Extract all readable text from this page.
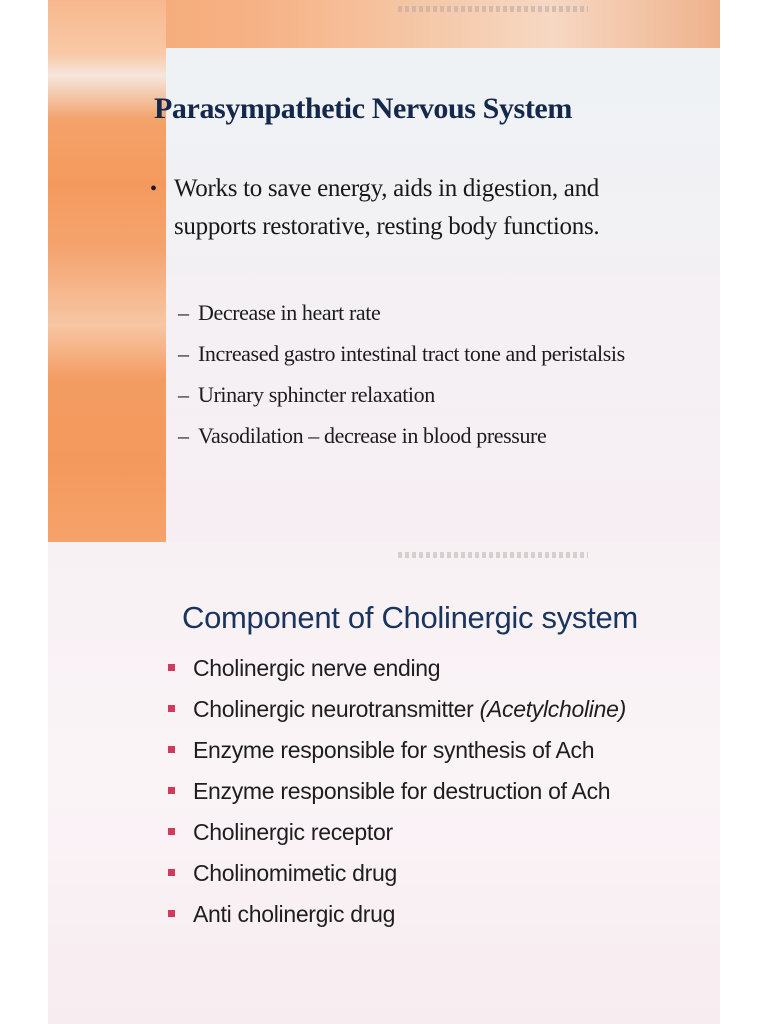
Parasympathetic Nervous System
• Works to save energy, aids in digestion, and supports restorative, resting body functions.
– Decrease in heart rate
– Increased gastro intestinal tract tone and peristalsis
– Urinary sphincter relaxation
– Vasodilation – decrease in blood pressure
Component of Cholinergic system
Cholinergic nerve ending
Cholinergic neurotransmitter (Acetylcholine)
Enzyme responsible for synthesis of Ach
Enzyme responsible for destruction of Ach
Cholinergic receptor
Cholinomimetic drug
Anti cholinergic drug
